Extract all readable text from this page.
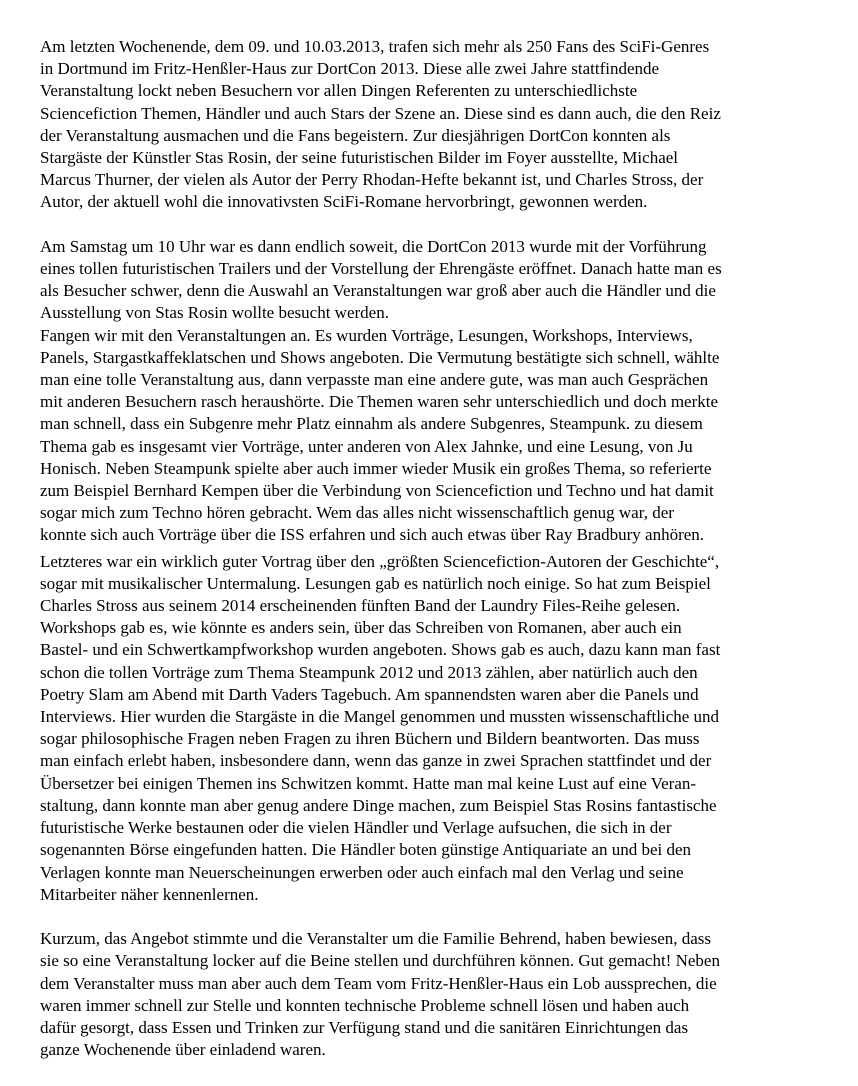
Am letzten Wochenende, dem 09. und 10.03.2013, trafen sich mehr als 250 Fans des SciFi-Genres
in Dortmund im Fritz-Henßler-Haus zur DortCon 2013. Diese alle zwei Jahre stattfindende
Veranstaltung lockt neben Besuchern vor allen Dingen Referenten zu unterschiedlichste
Sciencefiction Themen, Händler und auch Stars der Szene an. Diese sind es dann auch, die den Reiz
der Veranstaltung ausmachen und die Fans begeistern. Zur diesjährigen DortCon konnten als
Stargäste der Künstler Stas Rosin, der seine futuristischen Bilder im Foyer ausstellte, Michael
Marcus Thurner, der vielen als Autor der Perry Rhodan-Hefte bekannt ist, und Charles Stross, der
Autor, der aktuell wohl die innovativsten SciFi-Romane hervorbringt, gewonnen werden.

Am Samstag um 10 Uhr war es dann endlich soweit, die DortCon 2013 wurde mit der Vorführung
eines tollen futuristischen Trailers und der Vorstellung der Ehrengäste eröffnet. Danach hatte man es
als Besucher schwer, denn die Auswahl an Veranstaltungen war groß aber auch die Händler und die
Ausstellung von Stas Rosin wollte besucht werden.

Fangen wir mit den Veranstaltungen an. Es wurden Vorträge, Lesungen, Workshops, Interviews,
Panels, Stargastkaffeklatschen und Shows angeboten. Die Vermutung bestätigte sich schnell, wählte
man eine tolle Veranstaltung aus, dann verpasste man eine andere gute, was man auch Gesprächen
mit anderen Besuchern rasch heraushörte. Die Themen waren sehr unterschiedlich und doch merkte
man schnell, dass ein Subgenre mehr Platz einnahm als andere Subgenres, Steampunk. zu diesem
Thema gab es insgesamt vier Vorträge, unter anderen von Alex Jahnke, und eine Lesung, von Ju
Honisch. Neben Steampunk spielte aber auch immer wieder Musik ein großes Thema, so referierte
zum Beispiel Bernhard Kempen über die Verbindung von Sciencefiction und Techno und hat damit
sogar mich zum Techno hören gebracht. Wem das alles nicht wissenschaftlich genug war, der
konnte sich auch Vorträge über die ISS erfahren und sich auch etwas über Ray Bradbury anhören.

Letzteres war ein wirklich guter Vortrag über den „größten Sciencefiction-Autoren der Geschichte“,
sogar mit musikalischer Untermalung. Lesungen gab es natürlich noch einige. So hat zum Beispiel
Charles Stross aus seinem 2014 erscheinenden fünften Band der Laundry Files-Reihe gelesen.
Workshops gab es, wie könnte es anders sein, über das Schreiben von Romanen, aber auch ein
Bastel- und ein Schwertkampfworkshop wurden angeboten. Shows gab es auch, dazu kann man fast
schon die tollen Vorträge zum Thema Steampunk 2012 und 2013 zählen, aber natürlich auch den
Poetry Slam am Abend mit Darth Vaders Tagebuch. Am spannendsten waren aber die Panels und
Interviews. Hier wurden die Stargäste in die Mangel genommen und mussten wissenschaftliche und
sogar philosophische Fragen neben Fragen zu ihren Büchern und Bildern beantworten. Das muss
man einfach erlebt haben, insbesondere dann, wenn das ganze in zwei Sprachen stattfindet und der
Übersetzer bei einigen Themen ins Schwitzen kommt. Hatte man mal keine Lust auf eine Veran-
staltung, dann konnte man aber genug andere Dinge machen, zum Beispiel Stas Rosins fantastische
futuristische Werke bestaunen oder die vielen Händler und Verlage aufsuchen, die sich in der
sogenannten Börse eingefunden hatten. Die Händler boten günstige Antiquariate an und bei den
Verlagen konnte man Neuerscheinungen erwerben oder auch einfach mal den Verlag und seine
Mitarbeiter näher kennenlernen.

Kurzum, das Angebot stimmte und die Veranstalter um die Familie Behrend, haben bewiesen, dass
sie so eine Veranstaltung locker auf die Beine stellen und durchführen können. Gut gemacht! Neben
dem Veranstalter muss man aber auch dem Team vom Fritz-Henßler-Haus ein Lob aussprechen, die
waren immer schnell zur Stelle und konnten technische Probleme schnell lösen und haben auch
dafür gesorgt, dass Essen und Trinken zur Verfügung stand und die sanitären Einrichtungen das
ganze Wochenende über einladend waren.
